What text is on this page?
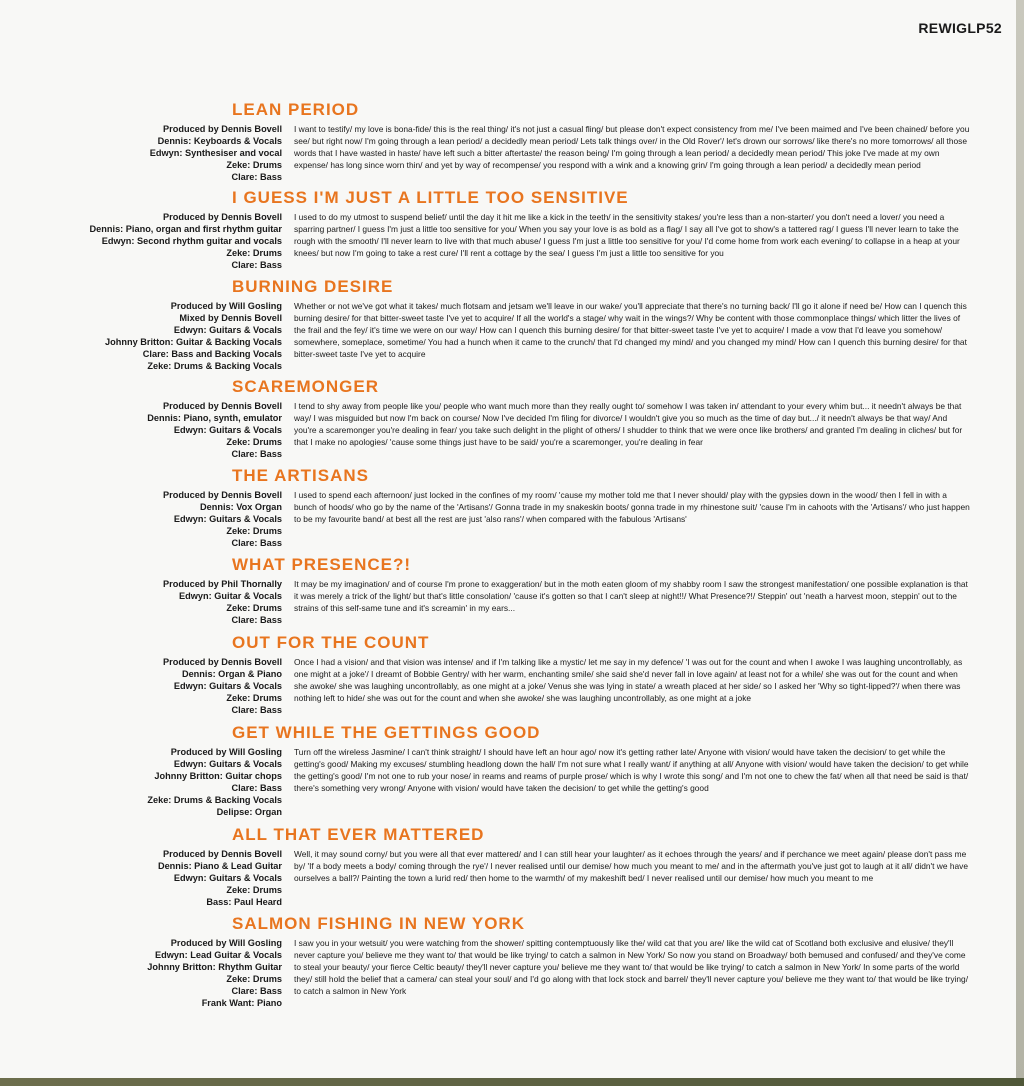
REWIGLP52
LEAN PERIOD
Produced by Dennis Bovell
Dennis: Keyboards & Vocals
Edwyn: Synthesiser and vocal
Zeke: Drums
Clare: Bass

I want to testify/ my love is bona-fide/ this is the real thing/ it's not just a casual fling/ but please don't expect consistency from me/ I've been maimed and I've been chained/ before you see/ but right now/ I'm going through a lean period/ a decidedly mean period/ Lets talk things over/ in the Old Rover'/ let's drown our sorrows/ like there's no more tomorrows/ all those words that I have wasted in haste/ have left such a bitter aftertaste/ the reason being/ I'm going through a lean period/ a decidedly mean period/ This joke I've made at my own expense/ has long since worn thin/ and yet by way of recompense/ you respond with a wink and a knowing grin/ I'm going through a lean period/ a decidedly mean period

I GUESS I'M JUST A LITTLE TOO SENSITIVE
Produced by Dennis Bovell
Dennis: Piano, organ and first rhythm guitar
Edwyn: Second rhythm guitar and vocals
Zeke: Drums
Clare: Bass

I used to do my utmost to suspend belief/ until the day it hit me like a kick in the teeth/ in the sensitivity stakes/ you're less than a non-starter/ you don't need a lover/ you need a sparring partner/ I guess I'm just a little too sensitive for you/ When you say your love is as bold as a flag/ I say all I've got to show's a tattered rag/ I guess I'll never learn to take the rough with the smooth/ I'll never learn to live with that much abuse/ I guess I'm just a little too sensitive for you/ I'd come home from work each evening/ to collapse in a heap at your knees/ but now I'm going to take a rest cure/ I'll rent a cottage by the sea/ I guess I'm just a little too sensitive for you

BURNING DESIRE
Produced by Will Gosling
Mixed by Dennis Bovell
Edwyn: Guitars & Vocals
Johnny Britton: Guitar & Backing Vocals
Clare: Bass and Backing Vocals
Zeke: Drums & Backing Vocals

Whether or not we've got what it takes/ much flotsam and jetsam we'll leave in our wake/ you'll appreciate that there's no turning back/ I'll go it alone if need be/ How can I quench this burning desire/ for that bitter-sweet taste I've yet to acquire/ If all the world's a stage/ why wait in the wings?/ Why be content with those commonplace things/ which litter the lives of the frail and the fey/ it's time we were on our way/ How can I quench this burning desire/ for that bitter-sweet taste I've yet to acquire/ I made a vow that I'd leave you somehow/ somewhere, someplace, sometime/ You had a hunch when it came to the crunch/ that I'd changed my mind/ and you changed my mind/ How can I quench this burning desire/ for that bitter-sweet taste I've yet to acquire

SCAREMONGER
Produced by Dennis Bovell
Dennis: Piano, synth, emulator
Edwyn: Guitars & Vocals
Zeke: Drums
Clare: Bass

I tend to shy away from people like you/ people who want much more than they really ought to/ somehow I was taken in/ attendant to your every whim but... it needn't always be that way/ I was misguided but now I'm back on course/ Now I've decided I'm filing for divorce/ I wouldn't give you so much as the time of day but.../ it needn't always be that way/ And you're a scaremonger you're dealing in fear/ you take such delight in the plight of others/ I shudder to think that we were once like brothers/ and granted I'm dealing in cliches/ but for that I make no apologies/ 'cause some things just have to be said/ you're a scaremonger, you're dealing in fear

THE ARTISANS
Produced by Dennis Bovell
Dennis: Vox Organ
Edwyn: Guitars & Vocals
Zeke: Drums
Clare: Bass

I used to spend each afternoon/ just locked in the confines of my room/ 'cause my mother told me that I never should/ play with the gypsies down in the wood/ then I fell in with a bunch of hoods/ who go by the name of the 'Artisans'/ Gonna trade in my snakeskin boots/ gonna trade in my rhinestone suit/ 'cause I'm in cahoots with the 'Artisans'/ who just happen to be my favourite band/ at best all the rest are just 'also rans'/ when compared with the fabulous 'Artisans'

WHAT PRESENCE?!
Produced by Phil Thornally
Edwyn: Guitar & Vocals
Zeke: Drums
Clare: Bass

It may be my imagination/ and of course I'm prone to exaggeration/ but in the moth eaten gloom of my shabby room I saw the strongest manifestation/ one possible explanation is that it was merely a trick of the light/ but that's little consolation/ 'cause it's gotten so that I can't sleep at night!!/ What Presence?!/ Steppin' out 'neath a harvest moon, steppin' out to the strains of this self-same tune and it's screamin' in my ears...

OUT FOR THE COUNT
Produced by Dennis Bovell
Dennis: Organ & Piano
Edwyn: Guitars & Vocals
Zeke: Drums
Clare: Bass

Once I had a vision/ and that vision was intense/ and if I'm talking like a mystic/ let me say in my defence/ 'I was out for the count and when I awoke I was laughing uncontrollably, as one might at a joke'/ I dreamt of Bobbie Gentry/ with her warm, enchanting smile/ she said she'd never fall in love again/ at least not for a while/ she was out for the count and when she awoke/ she was laughing uncontrollably, as one might at a joke/ Venus she was lying in state/ a wreath placed at her side/ so I asked her 'Why so tight-lipped?'/ when there was nothing left to hide/ she was out for the count and when she awoke/ she was laughing uncontrollably, as one might at a joke

GET WHILE THE GETTINGS GOOD
Produced by Will Gosling
Edwyn: Guitars & Vocals
Johnny Britton: Guitar chops
Clare: Bass
Zeke: Drums & Backing Vocals
Delipse: Organ

Turn off the wireless Jasmine/ I can't think straight/ I should have left an hour ago/ now it's getting rather late/ Anyone with vision/ would have taken the decision/ to get while the getting's good/ Making my excuses/ stumbling headlong down the hall/ I'm not sure what I really want/ if anything at all/ Anyone with vision/ would have taken the decision/ to get while the getting's good/ I'm not one to rub your nose/ in reams and reams of purple prose/ which is why I wrote this song/ and I'm not one to chew the fat/ when all that need be said is that/ there's something very wrong/ Anyone with vision/ would have taken the decision/ to get while the getting's good

ALL THAT EVER MATTERED
Produced by Dennis Bovell
Dennis: Piano & Lead Guitar
Edwyn: Guitars & Vocals
Zeke: Drums
Bass: Paul Heard

Well, it may sound corny/ but you were all that ever mattered/ and I can still hear your laughter/ as it echoes through the years/ and if perchance we meet again/ please don't pass me by/ 'If a body meets a body/ coming through the rye'/ I never realised until our demise/ how much you meant to me/ and in the aftermath you've just got to laugh at it all/ didn't we have ourselves a ball?/ Painting the town a lurid red/ then home to the warmth/ of my makeshift bed/ I never realised until our demise/ how much you meant to me

SALMON FISHING IN NEW YORK
Produced by Will Gosling
Edwyn: Lead Guitar & Vocals
Johnny Britton: Rhythm Guitar
Zeke: Drums
Clare: Bass
Frank Want: Piano

I saw you in your wetsuit/ you were watching from the shower/ spitting contemptuously like the/ wild cat that you are/ like the wild cat of Scotland both exclusive and elusive/ they'll never capture you/ believe me they want to/ that would be like trying/ to catch a salmon in New York/ So now you stand on Broadway/ both bemused and confused/ and they've come to steal your beauty/ your fierce Celtic beauty/ they'll never capture you/ believe me they want to/ that would be like trying/ to catch a salmon in New York/ In some parts of the world they/ still hold the belief that a camera/ can steal your soul/ and I'd go along with that lock stock and barrel/ they'll never capture you/ believe me they want to/ that would be like trying/ to catch a salmon in New York
